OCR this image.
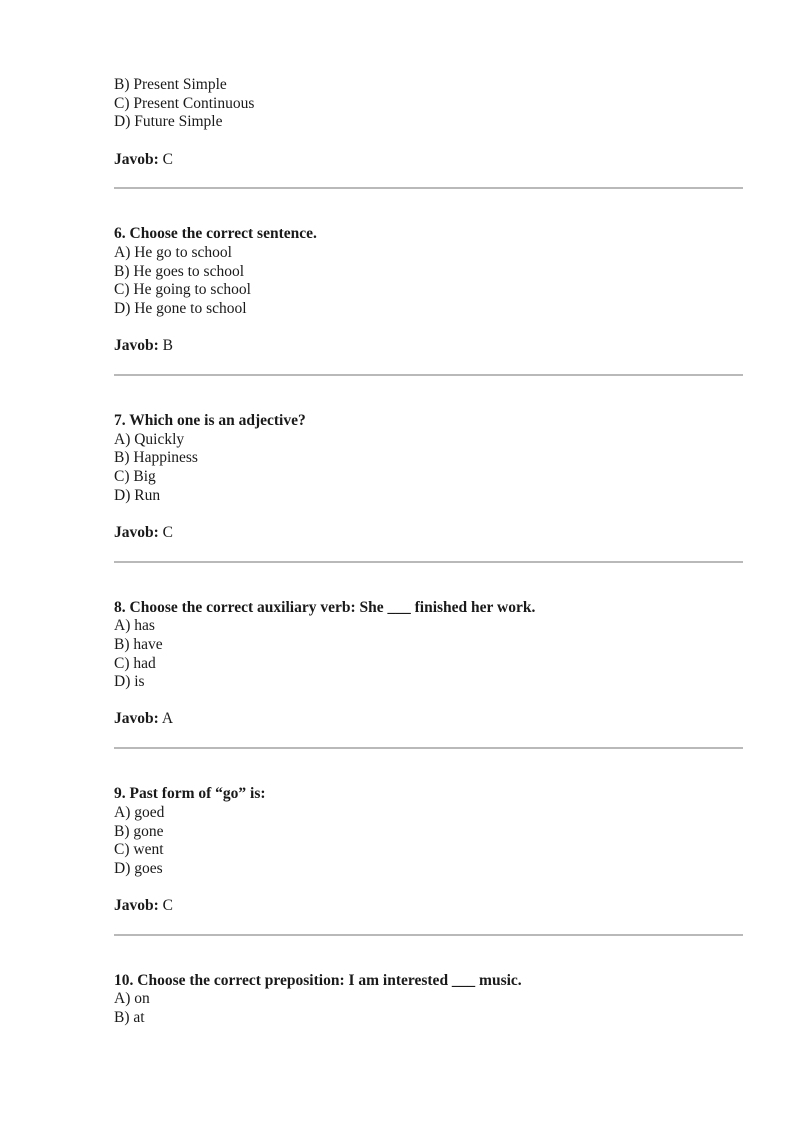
B) Present Simple
C) Present Continuous
D) Future Simple
Javob: C
6. Choose the correct sentence.
A) He go to school
B) He goes to school
C) He going to school
D) He gone to school
Javob: B
7. Which one is an adjective?
A) Quickly
B) Happiness
C) Big
D) Run
Javob: C
8. Choose the correct auxiliary verb: She ___ finished her work.
A) has
B) have
C) had
D) is
Javob: A
9. Past form of “go” is:
A) goed
B) gone
C) went
D) goes
Javob: C
10. Choose the correct preposition: I am interested ___ music.
A) on
B) at
